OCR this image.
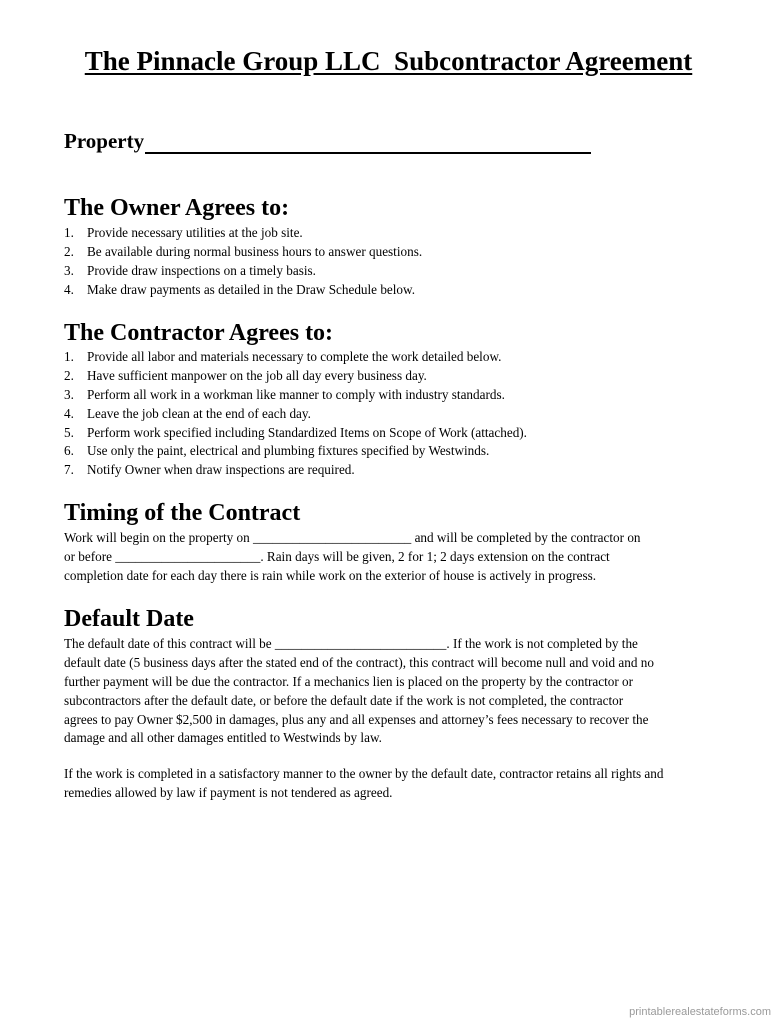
The Pinnacle Group LLC  Subcontractor Agreement
Property
The Owner Agrees to:
1. Provide necessary utilities at the job site.
2. Be available during normal business hours to answer questions.
3. Provide draw inspections on a timely basis.
4. Make draw payments as detailed in the Draw Schedule below.
The Contractor Agrees to:
1. Provide all labor and materials necessary to complete the work detailed below.
2. Have sufficient manpower on the job all day every business day.
3. Perform all work in a workman like manner to comply with industry standards.
4. Leave the job clean at the end of each day.
5. Perform work specified including Standardized Items on Scope of Work (attached).
6. Use only the paint, electrical and plumbing fixtures specified by Westwinds.
7. Notify Owner when draw inspections are required.
Timing of the Contract

Work will begin on the property on ________________________ and will be completed by the contractor on
or before ______________________. Rain days will be given, 2 for 1; 2 days extension on the contract
completion date for each day there is rain while work on the exterior of house is actively in progress.

Default Date

The default date of this contract will be __________________________. If the work is not completed by the
default date (5 business days after the stated end of the contract), this contract will become null and void and no
further payment will be due the contractor. If a mechanics lien is placed on the property by the contractor or
subcontractors after the default date, or before the default date if the work is not completed, the contractor
agrees to pay Owner $2,500 in damages, plus any and all expenses and attorney’s fees necessary to recover the
damage and all other damages entitled to Westwinds by law.

If the work is completed in a satisfactory manner to the owner by the default date, contractor retains all rights and
remedies allowed by law if payment is not tendered as agreed.

printablerealestateforms.com
